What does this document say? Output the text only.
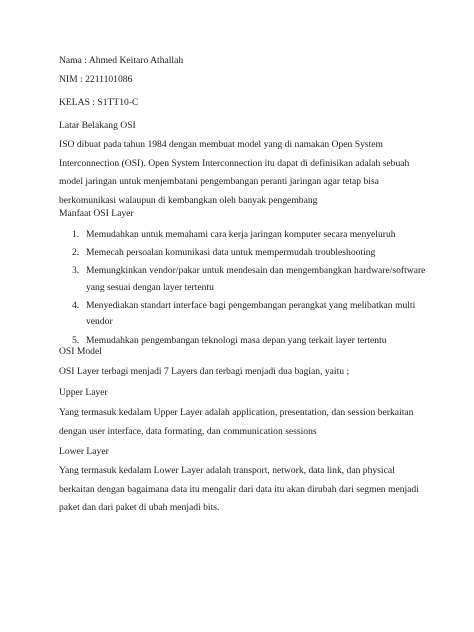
Nama : Ahmed Keitaro Athallah
NIM : 2211101086
KELAS : S1TT10-C
Latar Belakang OSI
ISO dibuat pada tahun 1984 dengan membuat model yang di namakan Open System Interconnection (OSI). Open System Interconnection itu dapat di definisikan adalah sebuah model jaringan untuk menjembatani pengembangan peranti jaringan agar tetap bisa berkomunikasi walaupun di kembangkan oleh banyak pengembang
Manfaat OSI Layer
1. Memudahkan untuk memahami cara kerja jaringan komputer secara menyeluruh
2. Memecah persoalan komunikasi data untuk mempermudah troubleshooting
3. Memungkinkan vendor/pakar untuk mendesain dan mengembangkan hardware/software yang sesuai dengan layer tertentu
4. Menyediakan standart interface bagi pengembangan perangkat yang melibatkan multi vendor
5. Memudahkan pengembangan teknologi masa depan yang terkait layer tertentu
OSI Model
OSI Layer terbagi menjadi 7 Layers dan terbagi menjadi dua bagian, yaitu ;
Upper Layer
Yang termasuk kedalam Upper Layer adalah application, presentation, dan session berkaitan dengan user interface, data formating, dan communication sessions
Lower Layer
Yang termasuk kedalam Lower Layer adalah transport, network, data link, dan physical berkaitan dengan bagaimana data itu mengalir dari data itu akan dirubah dari segmen menjadi paket dan dari paket di ubah menjadi bits.
